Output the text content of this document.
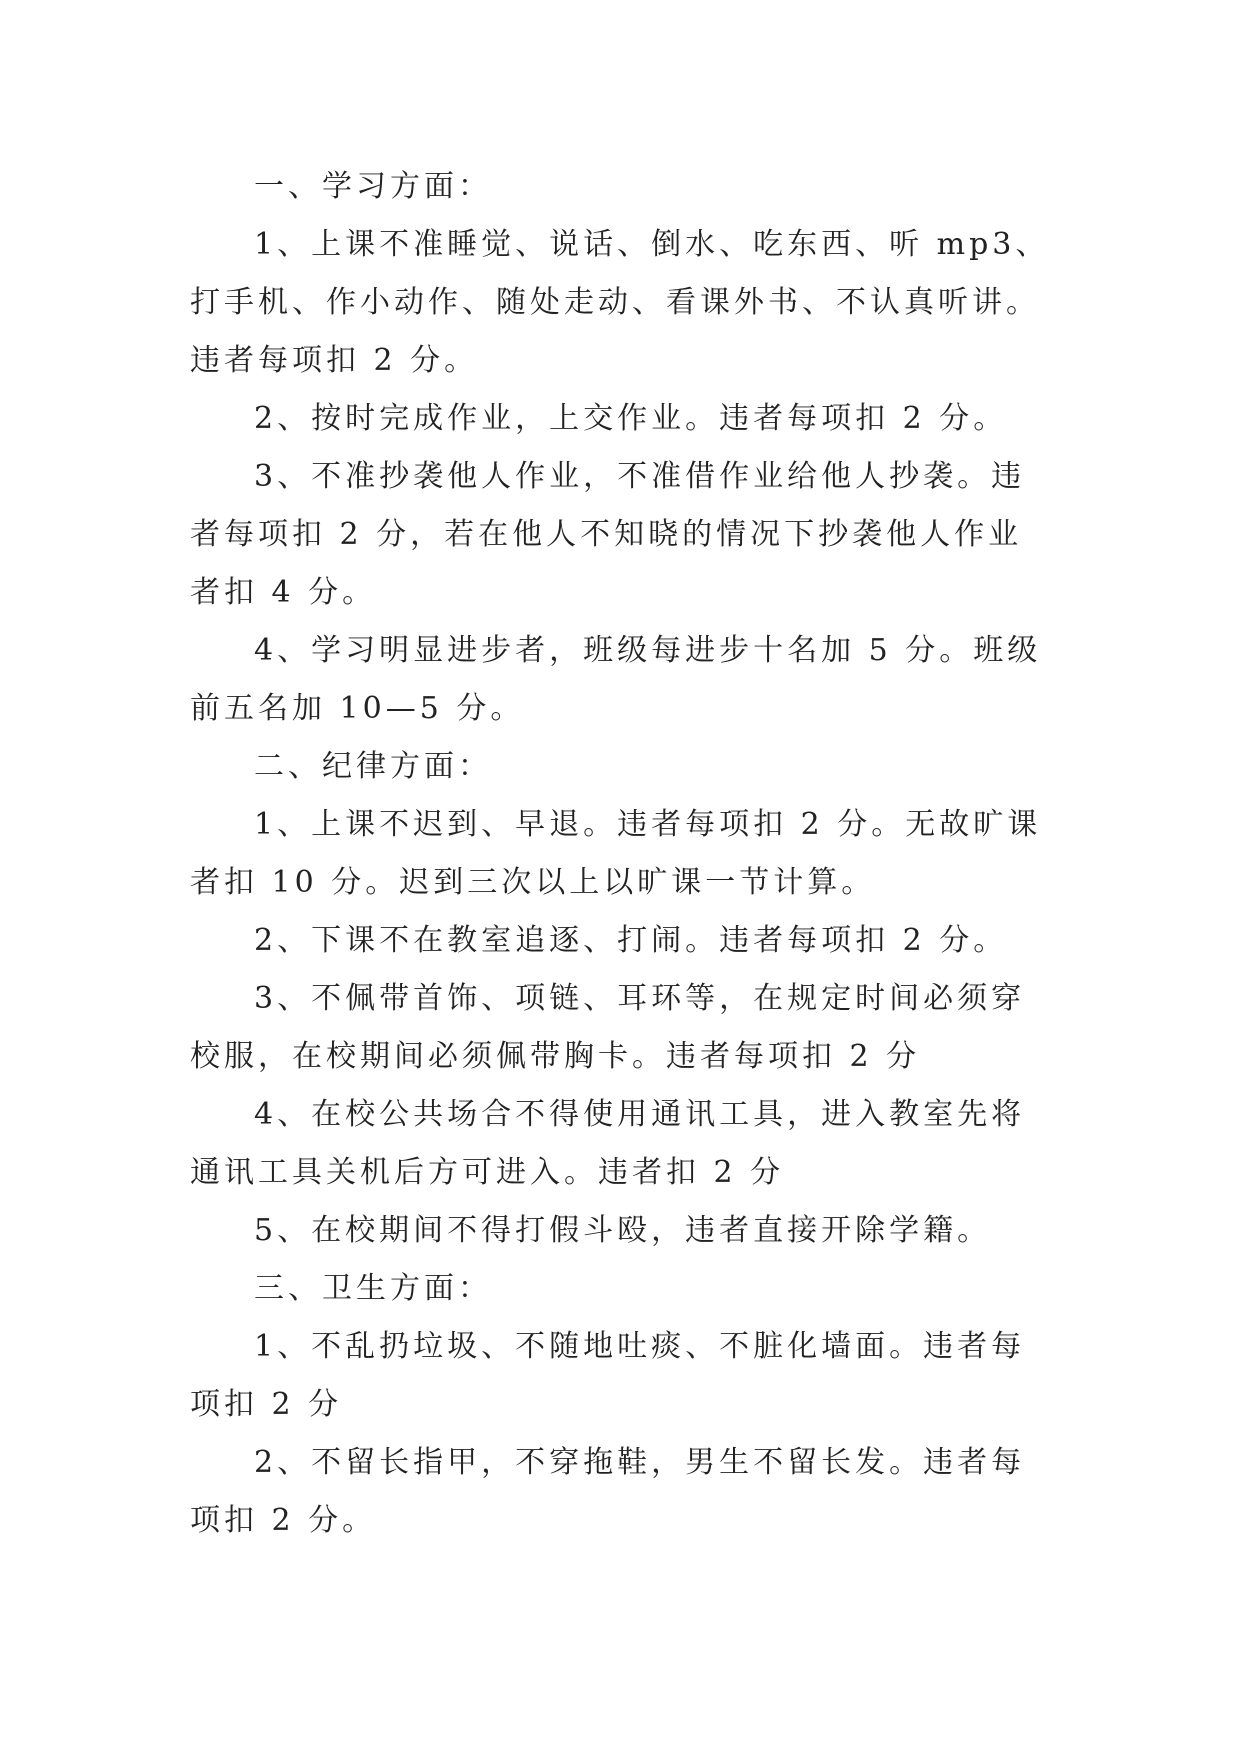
一、学习方面：

1、上课不准睡觉、说话、倒水、吃东西、听 mp3、打手机、作小动作、随处走动、看课外书、不认真听讲。违者每项扣 2 分。

2、按时完成作业，上交作业。违者每项扣 2 分。

3、不准抄袭他人作业，不准借作业给他人抄袭。违者每项扣 2 分，若在他人不知晓的情况下抄袭他人作业者扣 4 分。

4、学习明显进步者，班级每进步十名加 5 分。班级前五名加 10—5 分。

二、纪律方面：

1、上课不迟到、早退。违者每项扣 2 分。无故旷课者扣 10 分。迟到三次以上以旷课一节计算。

2、下课不在教室追逐、打闹。违者每项扣 2 分。

3、不佩带首饰、项链、耳环等，在规定时间必须穿校服，在校期间必须佩带胸卡。违者每项扣 2 分

4、在校公共场合不得使用通讯工具，进入教室先将通讯工具关机后方可进入。违者扣 2 分

5、在校期间不得打假斗殴，违者直接开除学籍。

三、卫生方面：

1、不乱扔垃圾、不随地吐痰、不脏化墙面。违者每项扣 2 分

2、不留长指甲，不穿拖鞋，男生不留长发。违者每项扣 2 分。
